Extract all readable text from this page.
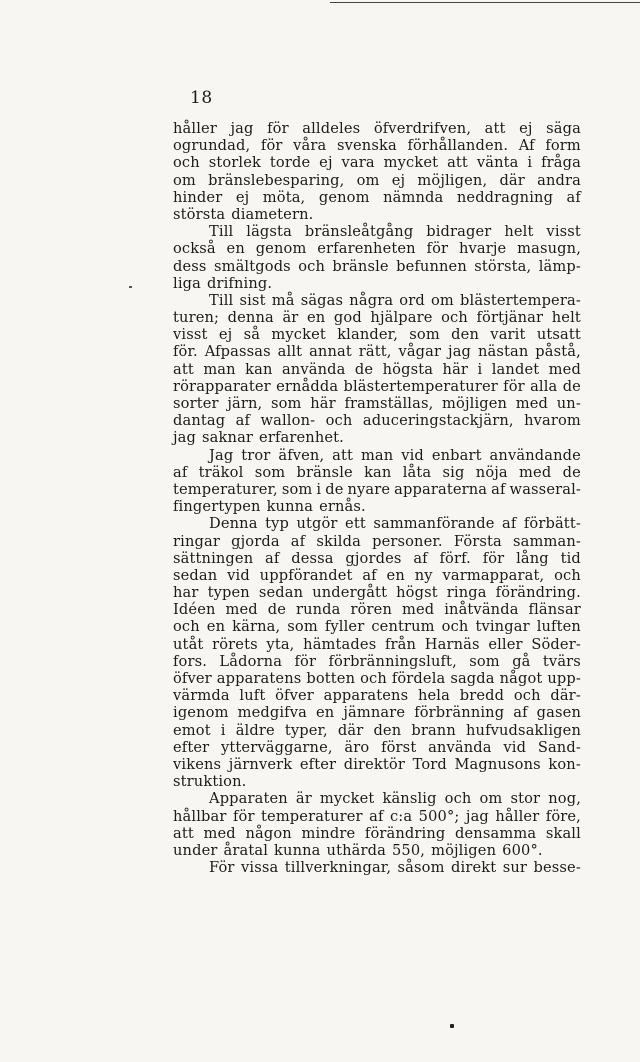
18
håller jag för alldeles öfverdrifven, att ej säga
ogrundad, för våra svenska förhållanden. Af form
och storlek torde ej vara mycket att vänta i fråga
om bränslebesparing, om ej möjligen, där andra
hinder ej möta, genom nämnda neddragning af
största diametern.
Till lägsta bränsleåtgång bidrager helt visst
också en genom erfarenheten för hvarje masugn,
dess smältgods och bränsle befunnen största, lämp-
liga drifning.
Till sist må sägas några ord om blästertempera-
turen; denna är en god hjälpare och förtjänar helt
visst ej så mycket klander, som den varit utsatt
för. Afpassas allt annat rätt, vågar jag nästan påstå,
att man kan använda de högsta här i landet med
rörapparater ernådda blästertemperaturer för alla de
sorter järn, som här framställas, möjligen med un-
dantag af wallon- och aduceringstackjärn, hvarom
jag saknar erfarenhet.
Jag tror äfven, att man vid enbart användande
af träkol som bränsle kan låta sig nöja med de
temperaturer, som i de nyare apparaterna af wasseral-
fingertypen kunna ernås.
Denna typ utgör ett sammanförande af förbätt-
ringar gjorda af skilda personer. Första samman-
sättningen af dessa gjordes af förf. för lång tid
sedan vid uppförandet af en ny varmapparat, och
har typen sedan undergått högst ringa förändring.
Idéen med de runda rören med inåtvända flänsar
och en kärna, som fyller centrum och tvingar luften
utåt rörets yta, hämtades från Harnäs eller Söder-
fors. Lådorna för förbränningsluft, som gå tvärs
öfver apparatens botten och fördela sagda något upp-
värmda luft öfver apparatens hela bredd och där-
igenom medgifva en jämnare förbränning af gasen
emot i äldre typer, där den brann hufvudsakligen
efter ytterväggarne, äro först använda vid Sand-
vikens järnverk efter direktör Tord Magnusons kon-
struktion.
Apparaten är mycket känslig och om stor nog,
hållbar för temperaturer af c:a 500°; jag håller före,
att med någon mindre förändring densamma skall
under åratal kunna uthärda 550, möjligen 600°.
För vissa tillverkningar, såsom direkt sur besse-
